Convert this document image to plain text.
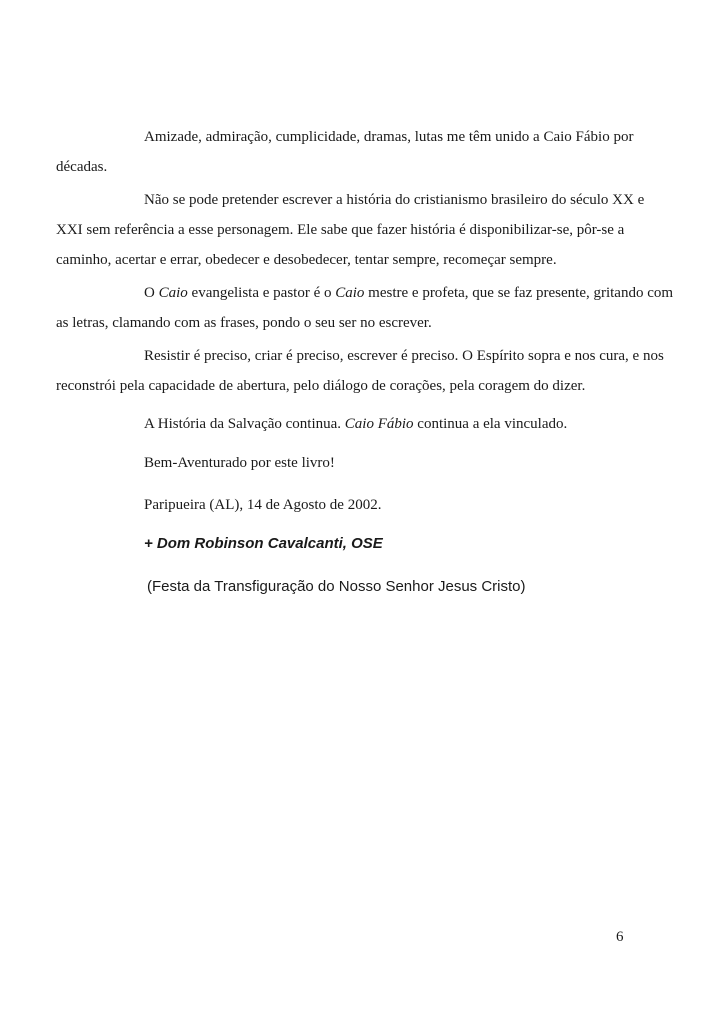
Amizade, admiração, cumplicidade, dramas, lutas me têm unido a Caio Fábio por
décadas.

Não se pode pretender escrever a história do cristianismo brasileiro do século XX e
XXI sem referência a esse personagem. Ele sabe que fazer história é disponibilizar-se, pôr-se a
caminho, acertar e errar, obedecer e desobedecer, tentar sempre, recomeçar sempre.

O Caio evangelista e pastor é o Caio mestre e profeta, que se faz presente, gritando com
as letras, clamando com as frases, pondo o seu ser no escrever.

Resistir é preciso, criar é preciso, escrever é preciso. O Espírito sopra e nos cura, e nos
reconstrói pela capacidade de abertura, pelo diálogo de corações, pela coragem do dizer.

A História da Salvação continua. Caio Fábio continua a ela vinculado.

Bem-Aventurado por este livro!

Paripueira (AL), 14 de Agosto de 2002.

+ Dom Robinson Cavalcanti, OSE

(Festa da Transfiguração do Nosso Senhor Jesus Cristo)

6
